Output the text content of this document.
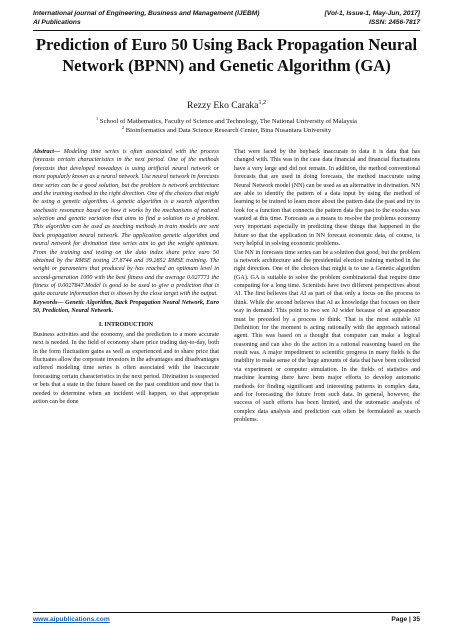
International journal of Engineering, Business and Management (IJEBM)	[Vol-1, Issue-1, May-Jun, 2017]
AI Publications	ISSN: 2456-7817
Prediction of Euro 50 Using Back Propagation Neural Network (BPNN) and Genetic Algorithm (GA)
Rezzy Eko Caraka$^{1,2}$
$^1$ School of Mathematics, Faculty of Science and Technology, The National University of Malaysia
$^2$ Bioinformatics and Data Science Research Center, Bina Nusantara University

Abstract— Modeling time series is often associated with the process forecasts certain characteristics in the next period. One of the methods forecasts that developed nowadays is using artificial neural network or more popularly known as a neural network. Use neural network in forecasts time series can be a good solution, but the problem is network architecture and the training method in the right direction. One of the choices that might be using a genetic algorithm. A genetic algorithm is a search algorithm stochastic resonance based on how it works by the mechanisms of natural selection and genetic variation that aims to find a solution to a problem. This algorithm can be used as teaching methods in train models are sent back propagation neural network. The application genetic algorithm and neural network for divination time series aim to get the weight optimum. From the training and testing on the data index share price euro 50 obtained by the RMSE testing 27.8744 and 39.2852 RMSE training. The weight or parameters that produced by has reached an optimum level in second-generation 1000 with the best fitness and the average 0.027771 the fitness of 0.0027847.Model is good to be used to give a prediction that is quite accurate information that is shown by the close target with the output.

Keywords— Genetic Algorithm, Back Propagation Neural Network, Euro 50, Prediction, Neural Network.

I. INTRODUCTION

Business activities and the economy, and the prediction to a more accurate next is needed. In the field of economy share price trading day-to-day, both in the form fluctuation gains as well as experienced and to share price that fluctuates allow the corporate investors in the advantages and disadvantages suffered modeling time series is often associated with the inaccurate forecasting certain characteristics in the next period. Divination is suspected or bets that a state in the future based on the past condition and now that is needed to determine when an incident will happen, so that appropriate action can be done

That were faced by the buyback inaccurate to data it is data that has changed with. This was in the case data financial and financial fluctuations have a very large and did not remain. In addition, the method conventional forecasts that are used in doing forecasts, the method inaccurate using Neural Network model (NN) can be used as an alternative in divination. NN are able to identify the pattern of a data input by using the method of learning to be trained to learn more about the pattern data the past and try to look for a function that connects the pattern data the past to the exodus was wanted at this time. Forecasts as a means to resolve the problems economy very important especially in predicting these things that happened in the future so that the application in NN forecast economic data, of course, is very helpful in solving economic problems.

Use NN in forecasts time series can be a solution that good, but the problem is network architecture and the presidential election training method in the right direction. One of the choices that might is to use a Genetic algorithm (GA). GA is suitable to solve the problem combinatorial that require time computing for a long time. Scientists have two different perspectives about AI. The first believes that AI as part of that only a focus on the process to think. While the second believes that AI as knowledge that focuses on their way in demand. This point to two see AI wider because of an appearance must be preceded by a process to think. That is the most suitable AI Definition for the moment is acting rationally with the approach rational agent. This was based on a thought that computer can make a logical reasoning and can also do the action in a rational reasoning based on the result was. A major impediment to scientific progress in many fields is the inability to make sense of the huge amounts of data that have been collected via experiment or computer simulation. In the fields of statistics and machine learning there have been major efforts to develop automatic methods for finding significant and interesting patterns in complex data, and for forecasting the future from such data. In general, however, the success of such efforts has been limited, and the automatic analysis of complex data analysis and prediction can often be formulated as search problems.

www.aipublications.com	Page | 35
